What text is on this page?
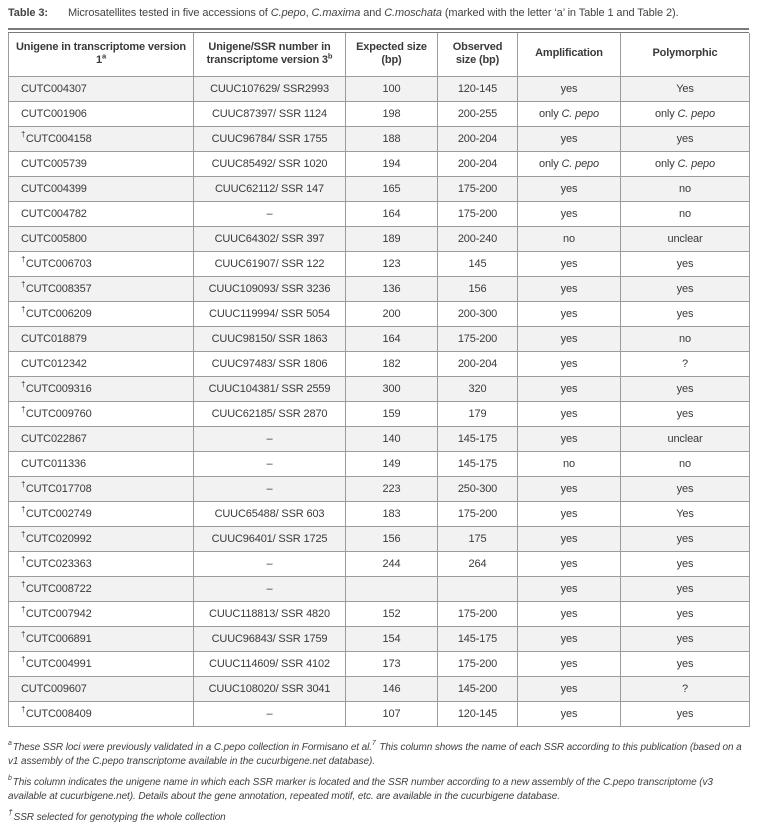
Table 3: Microsatellites tested in five accessions of C.pepo, C.maxima and C.moschata (marked with the letter ‘a’ in Table 1 and Table 2).
Unigene in transcriptome version 1$^a$	Unigene/SSR number in transcriptome version 3$^b$	Expected size (bp)	Observed size (bp)	Amplification	Polymorphic
CUTC004307	CUUC107629/ SSR2993	100	120-145	yes	Yes
CUTC001906	CUUC87397/ SSR 1124	198	200-255	only C. pepo	only C. pepo
†CUTC004158	CUUC96784/ SSR 1755	188	200-204	yes	yes
CUTC005739	CUUC85492/ SSR 1020	194	200-204	only C. pepo	only C. pepo
CUTC004399	CUUC62112/ SSR 147	165	175-200	yes	no
CUTC004782	–	164	175-200	yes	no
CUTC005800	CUUC64302/ SSR 397	189	200-240	no	unclear
†CUTC006703	CUUC61907/ SSR 122	123	145	yes	yes
†CUTC008357	CUUC109093/ SSR 3236	136	156	yes	yes
†CUTC006209	CUUC119994/ SSR 5054	200	200-300	yes	yes
CUTC018879	CUUC98150/ SSR 1863	164	175-200	yes	no
CUTC012342	CUUC97483/ SSR 1806	182	200-204	yes	?
†CUTC009316	CUUC104381/ SSR 2559	300	320	yes	yes
†CUTC009760	CUUC62185/ SSR 2870	159	179	yes	yes
CUTC022867	–	140	145-175	yes	unclear
CUTC011336	–	149	145-175	no	no
†CUTC017708	–	223	250-300	yes	yes
†CUTC002749	CUUC65488/ SSR 603	183	175-200	yes	Yes
†CUTC020992	CUUC96401/ SSR 1725	156	175	yes	yes
†CUTC023363	–	244	264	yes	yes
†CUTC008722	–			yes	yes
†CUTC007942	CUUC118813/ SSR 4820	152	175-200	yes	yes
†CUTC006891	CUUC96843/ SSR 1759	154	145-175	yes	yes
†CUTC004991	CUUC114609/ SSR 4102	173	175-200	yes	yes
CUTC009607	CUUC108020/ SSR 3041	146	145-200	yes	?
†CUTC008409	–	107	120-145	yes	yes

$^a$These SSR loci were previously validated in a C.pepo collection in Formisano et al.$^7$ This column shows the name of each SSR according to this publication (based on a v1 assembly of the C.pepo transcriptome available in the cucurbigene.net database).

$^b$This column indicates the unigene name in which each SSR marker is located and the SSR number according to a new assembly of the C.pepo transcriptome (v3 available at cucurbigene.net). Details about the gene annotation, repeated motif, etc. are available in the cucurbigene database.

†SSR selected for genotyping the whole collection
